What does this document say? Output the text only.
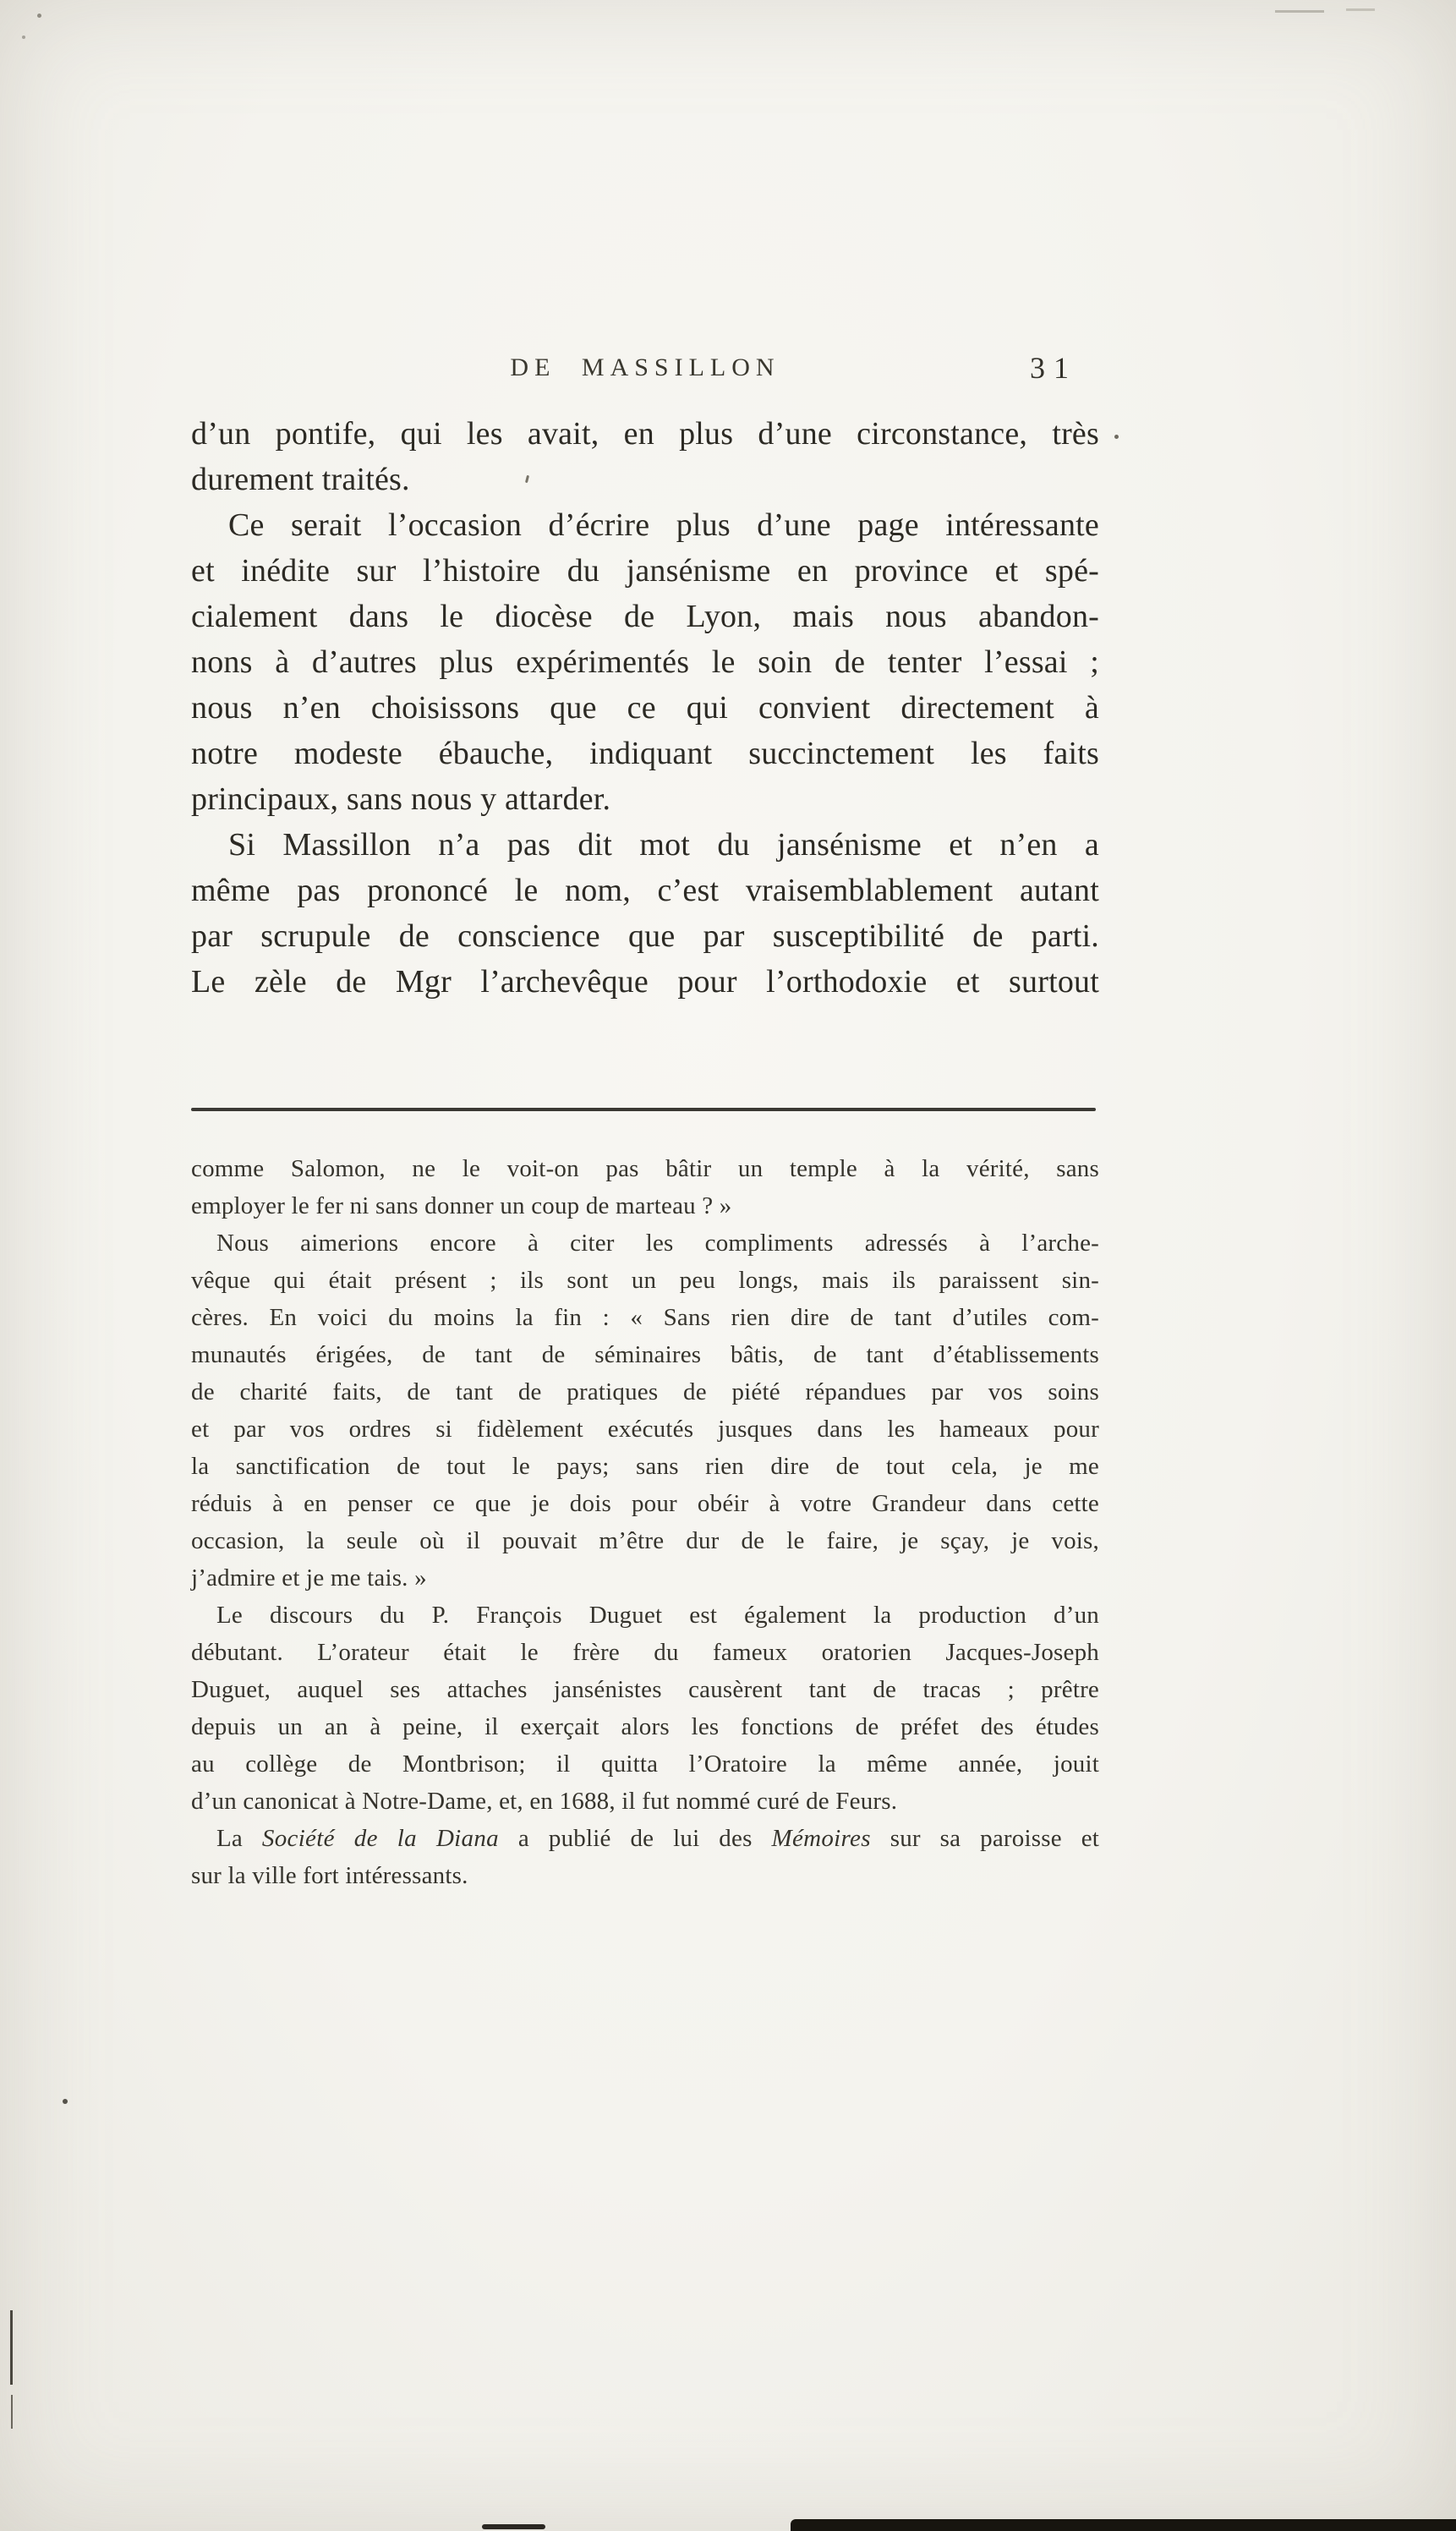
DE MASSILLON	31
d’un pontife, qui les avait, en plus d’une circonstance, très
durement traités.
Ce serait l’occasion d’écrire plus d’une page intéressante
et inédite sur l’histoire du jansénisme en province et spé-
cialement dans le diocèse de Lyon, mais nous abandon-
nons à d’autres plus expérimentés le soin de tenter l’essai ;
nous n’en choisissons que ce qui convient directement à
notre modeste ébauche, indiquant succinctement les faits
principaux, sans nous y attarder.
Si Massillon n’a pas dit mot du jansénisme et n’en a
même pas prononcé le nom, c’est vraisemblablement autant
par scrupule de conscience que par susceptibilité de parti.
Le zèle de Mgr l’archevêque pour l’orthodoxie et surtout
comme Salomon, ne le voit-on pas bâtir un temple à la vérité, sans
employer le fer ni sans donner un coup de marteau ? »
Nous aimerions encore à citer les compliments adressés à l’arche-
vêque qui était présent ; ils sont un peu longs, mais ils paraissent sin-
cères. En voici du moins la fin : « Sans rien dire de tant d’utiles com-
munautés érigées, de tant de séminaires bâtis, de tant d’établissements
de charité faits, de tant de pratiques de piété répandues par vos soins
et par vos ordres si fidèlement exécutés jusques dans les hameaux pour
la sanctification de tout le pays; sans rien dire de tout cela, je me
réduis à en penser ce que je dois pour obéir à votre Grandeur dans cette
occasion, la seule où il pouvait m’être dur de le faire, je sçay, je vois,
j’admire et je me tais. »
Le discours du P. François Duguet est également la production d’un
débutant. L’orateur était le frère du fameux oratorien Jacques-Joseph
Duguet, auquel ses attaches jansénistes causèrent tant de tracas ; prêtre
depuis un an à peine, il exerçait alors les fonctions de préfet des études
au collège de Montbrison; il quitta l’Oratoire la même année, jouit
d’un canonicat à Notre-Dame, et, en 1688, il fut nommé curé de Feurs.
La Société de la Diana a publié de lui des Mémoires sur sa paroisse et
sur la ville fort intéressants.
